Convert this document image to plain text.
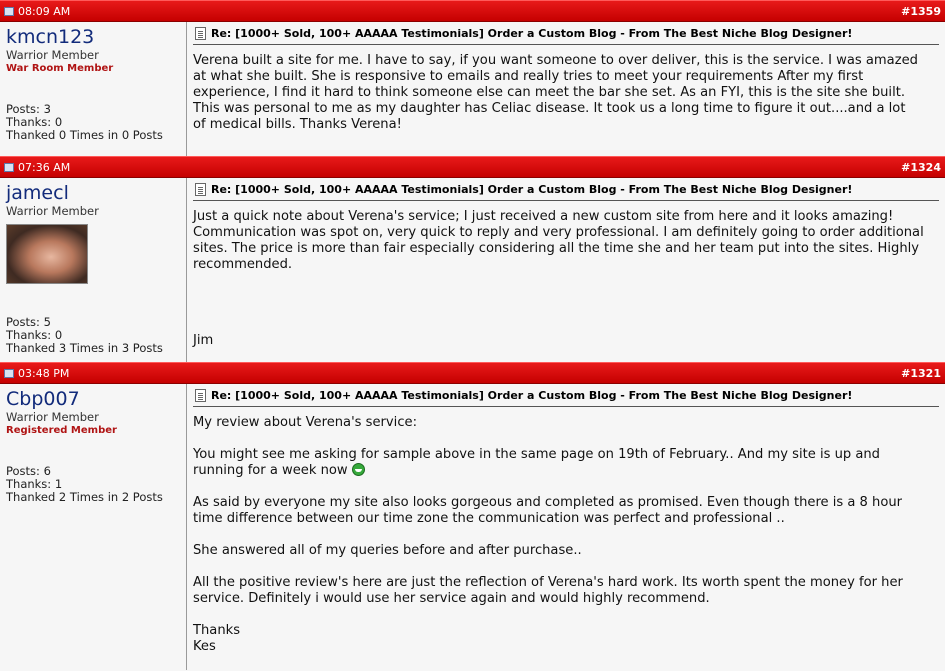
08:09 AM	#1359
kmcn123
Warrior Member
War Room Member
Posts: 3
Thanks: 0
Thanked 0 Times in 0 Posts
Re: [1000+ Sold, 100+ AAAAA Testimonials] Order a Custom Blog - From The Best Niche Blog Designer!
Verena built a site for me. I have to say, if you want someone to over deliver, this is the service. I was amazed
at what she built. She is responsive to emails and really tries to meet your requirements After my first
experience, I find it hard to think someone else can meet the bar she set. As an FYI, this is the site she built.
This was personal to me as my daughter has Celiac disease. It took us a long time to figure it out....and a lot
of medical bills. Thanks Verena!
07:36 AM	#1324
jamecl
Warrior Member
Posts: 5
Thanks: 0
Thanked 3 Times in 3 Posts
Re: [1000+ Sold, 100+ AAAAA Testimonials] Order a Custom Blog - From The Best Niche Blog Designer!
Just a quick note about Verena's service; I just received a new custom site from here and it looks amazing!
Communication was spot on, very quick to reply and very professional. I am definitely going to order additional
sites. The price is more than fair especially considering all the time she and her team put into the sites. Highly
recommended.
Jim
03:48 PM	#1321
Cbp007
Warrior Member
Registered Member
Posts: 6
Thanks: 1
Thanked 2 Times in 2 Posts
Re: [1000+ Sold, 100+ AAAAA Testimonials] Order a Custom Blog - From The Best Niche Blog Designer!
My review about Verena's service:

You might see me asking for sample above in the same page on 19th of February.. And my site is up and
running for a week now

As said by everyone my site also looks gorgeous and completed as promised. Even though there is a 8 hour
time difference between our time zone the communication was perfect and professional ..

She answered all of my queries before and after purchase..

All the positive review's here are just the reflection of Verena's hard work. Its worth spent the money for her
service. Definitely i would use her service again and would highly recommend.

Thanks
Kes
